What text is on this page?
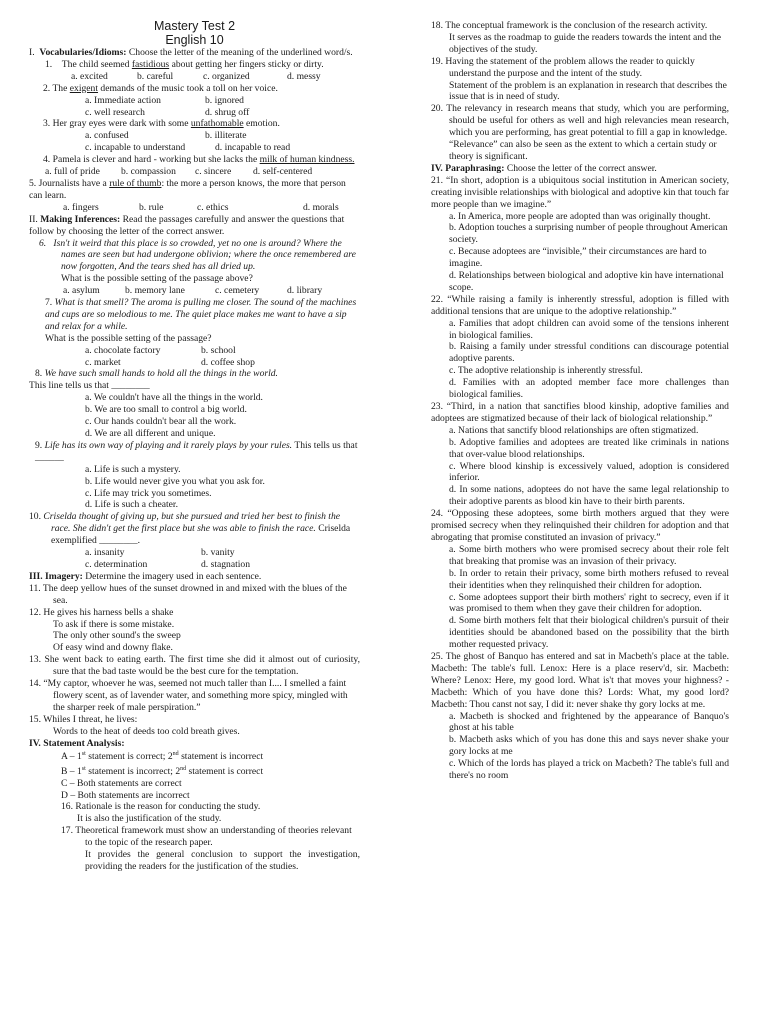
Mastery Test 2

English 10

I. Vocabularies/Idioms: Choose the letter of the meaning of the underlined word/s.

1. The child seemed fastidious about getting her fingers sticky or dirty.

a. excited	b. careful	c. organized	d. messy

2. The exigent demands of the music took a toll on her voice.

a. Immediate action	b. ignored
c. well research	d. shrug off

3. Her gray eyes were dark with some unfathomable emotion.

a. confused	b. illiterate
c. incapable to understand	d. incapable to read

4. Pamela is clever and hard - working but she lacks the milk of human kindness.

a. full of pride	b. compassion	c. sincere	d. self-centered

5. Journalists have a rule of thumb: the more a person knows, the more that person can learn.

a. fingers	b. rule	c. ethics	d. morals

II. Making Inferences: Read the passages carefully and answer the questions that follow by choosing the letter of the correct answer.

6. Isn't it weird that this place is so crowded, yet no one is around? Where the names are seen but had undergone oblivion; where the once remembered are now forgotten, And the tears shed has all dried up.

What is the possible setting of the passage above?

a. asylum	b. memory lane	c. cemetery	d. library

7. What is that smell? The aroma is pulling me closer. The sound of the machines and cups are so melodious to me. The quiet place makes me want to have a sip and relax for a while.

What is the possible setting of the passage?

a. chocolate factory	b. school
c. market	d. coffee shop

8. We have such small hands to hold all the things in the world.

This line tells us that ________

a. We couldn't have all the things in the world.

b. We are too small to control a big world.

c. Our hands couldn't bear all the work.

d. We are all different and unique.

9. Life has its own way of playing and it rarely plays by your rules. This tells us that ______

a. Life is such a mystery.

b. Life would never give you what you ask for.

c. Life may trick you sometimes.

d. Life is such a cheater.

10. Criselda thought of giving up, but she pursued and tried her best to finish the race. She didn't get the first place but she was able to finish the race. Criselda exemplified ________.

a. insanity	b. vanity
c. determination	d. stagnation

III. Imagery: Determine the imagery used in each sentence.

11. The deep yellow hues of the sunset drowned in and mixed with the blues of the sea.

12. He gives his harness bells a shake

To ask if there is some mistake.

The only other sound's the sweep

Of easy wind and downy flake.

13. She went back to eating earth. The first time she did it almost out of curiosity, sure that the bad taste would be the best cure for the temptation.

14. “My captor, whoever he was, seemed not much taller than I.... I smelled a faint flowery scent, as of lavender water, and something more spicy, mingled with the sharper reek of male perspiration.”

15. Whiles I threat, he lives:

Words to the heat of deeds too cold breath gives.

IV. Statement Analysis:

A – 1st statement is correct; 2nd statement is incorrect

B – 1st statement is incorrect; 2nd statement is correct

C – Both statements are correct

D – Both statements are incorrect

16. Rationale is the reason for conducting the study.

It is also the justification of the study.

17. Theoretical framework must show an understanding of theories relevant to the topic of the research paper.

It provides the general conclusion to support the investigation, providing the readers for the justification of the studies.

18. The conceptual framework is the conclusion of the research activity.

It serves as the roadmap to guide the readers towards the intent and the objectives of the study.

19. Having the statement of the problem allows the reader to quickly understand the purpose and the intent of the study.

Statement of the problem is an explanation in research that describes the issue that is in need of study.

20. The relevancy in research means that study, which you are performing, should be useful for others as well and high relevancies mean research, which you are performing, has great potential to fill a gap in knowledge.

“Relevance” can also be seen as the extent to which a certain study or theory is significant.

IV. Paraphrasing: Choose the letter of the correct answer.

21. “In short, adoption is a ubiquitous social institution in American society, creating invisible relationships with biological and adoptive kin that touch far more people than we imagine.”

a. In America, more people are adopted than was originally thought.

b. Adoption touches a surprising number of people throughout American society.

c. Because adoptees are “invisible,” their circumstances are hard to imagine.

d. Relationships between biological and adoptive kin have international scope.

22. “While raising a family is inherently stressful, adoption is filled with additional tensions that are unique to the adoptive relationship.”

a. Families that adopt children can avoid some of the tensions inherent in biological families.

b. Raising a family under stressful conditions can discourage potential adoptive parents.

c. The adoptive relationship is inherently stressful.

d. Families with an adopted member face more challenges than biological families.

23. “Third, in a nation that sanctifies blood kinship, adoptive families and adoptees are stigmatized because of their lack of biological relationship.”

a. Nations that sanctify blood relationships are often stigmatized.

b. Adoptive families and adoptees are treated like criminals in nations that over-value blood relationships.

c. Where blood kinship is excessively valued, adoption is considered inferior.

d. In some nations, adoptees do not have the same legal relationship to their adoptive parents as blood kin have to their birth parents.

24. “Opposing these adoptees, some birth mothers argued that they were promised secrecy when they relinquished their children for adoption and that abrogating that promise constituted an invasion of privacy.”

a. Some birth mothers who were promised secrecy about their role felt that breaking that promise was an invasion of their privacy.

b. In order to retain their privacy, some birth mothers refused to reveal their identities when they relinquished their children for adoption.

c. Some adoptees support their birth mothers' right to secrecy, even if it was promised to them when they gave their children for adoption.

d. Some birth mothers felt that their biological children's pursuit of their identities should be abandoned based on the possibility that the birth mother requested privacy.

25. The ghost of Banquo has entered and sat in Macbeth's place at the table. Macbeth: The table's full. Lenox: Here is a place reserv'd, sir. Macbeth: Where? Lenox: Here, my good lord. What is't that moves your highness? - Macbeth: Which of you have done this? Lords: What, my good lord? Macbeth: Thou canst not say, I did it: never shake thy gory locks at me.

a. Macbeth is shocked and frightened by the appearance of Banquo's ghost at his table

b. Macbeth asks which of you has done this and says never shake your gory locks at me

c. Which of the lords has played a trick on Macbeth? The table's full and there's no room
